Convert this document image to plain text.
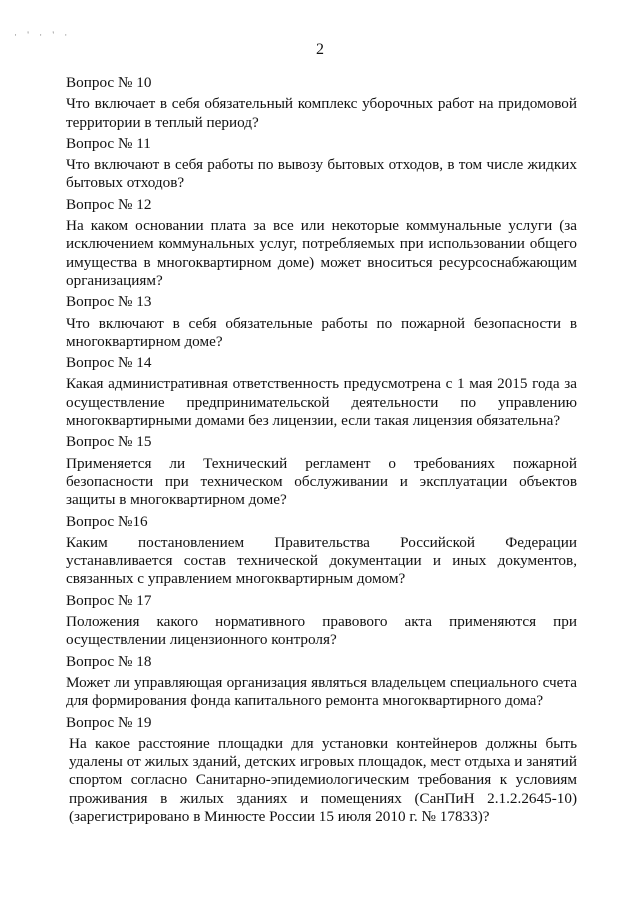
· ' · ' ·
2

Вопрос № 10

Что включает в себя обязательный комплекс уборочных работ на придомовой территории в теплый период?

Вопрос № 11

Что включают в себя работы по вывозу бытовых отходов, в том числе жидких бытовых отходов?

Вопрос № 12

На каком основании плата за все или некоторые коммунальные услуги (за исключением коммунальных услуг, потребляемых при использовании общего имущества в многоквартирном доме) может вноситься ресурсоснабжающим организациям?

Вопрос № 13

Что включают в себя обязательные работы по пожарной безопасности в многоквартирном доме?

Вопрос № 14

Какая административная ответственность предусмотрена с 1 мая 2015 года за осуществление предпринимательской деятельности по управлению многоквартирными домами без лицензии, если такая лицензия обязательна?

Вопрос № 15

Применяется ли Технический регламент о требованиях пожарной безопасности при техническом обслуживании и эксплуатации объектов защиты в многоквартирном доме?

Вопрос №16

Каким постановлением Правительства Российской Федерации устанавливается состав технической документации и иных документов, связанных с управлением многоквартирным домом?

Вопрос № 17

Положения какого нормативного правового акта применяются при осуществлении лицензионного контроля?

Вопрос № 18

Может ли управляющая организация являться владельцем специального счета для формирования фонда капитального ремонта многоквартирного дома?

Вопрос № 19

На какое расстояние площадки для установки контейнеров должны быть удалены от жилых зданий, детских игровых площадок, мест отдыха и занятий спортом согласно Санитарно-эпидемиологическим требования к условиям проживания в жилых зданиях и помещениях (СанПиН 2.1.2.2645-10) (зарегистрировано в Минюсте России 15 июля 2010 г. № 17833)?
